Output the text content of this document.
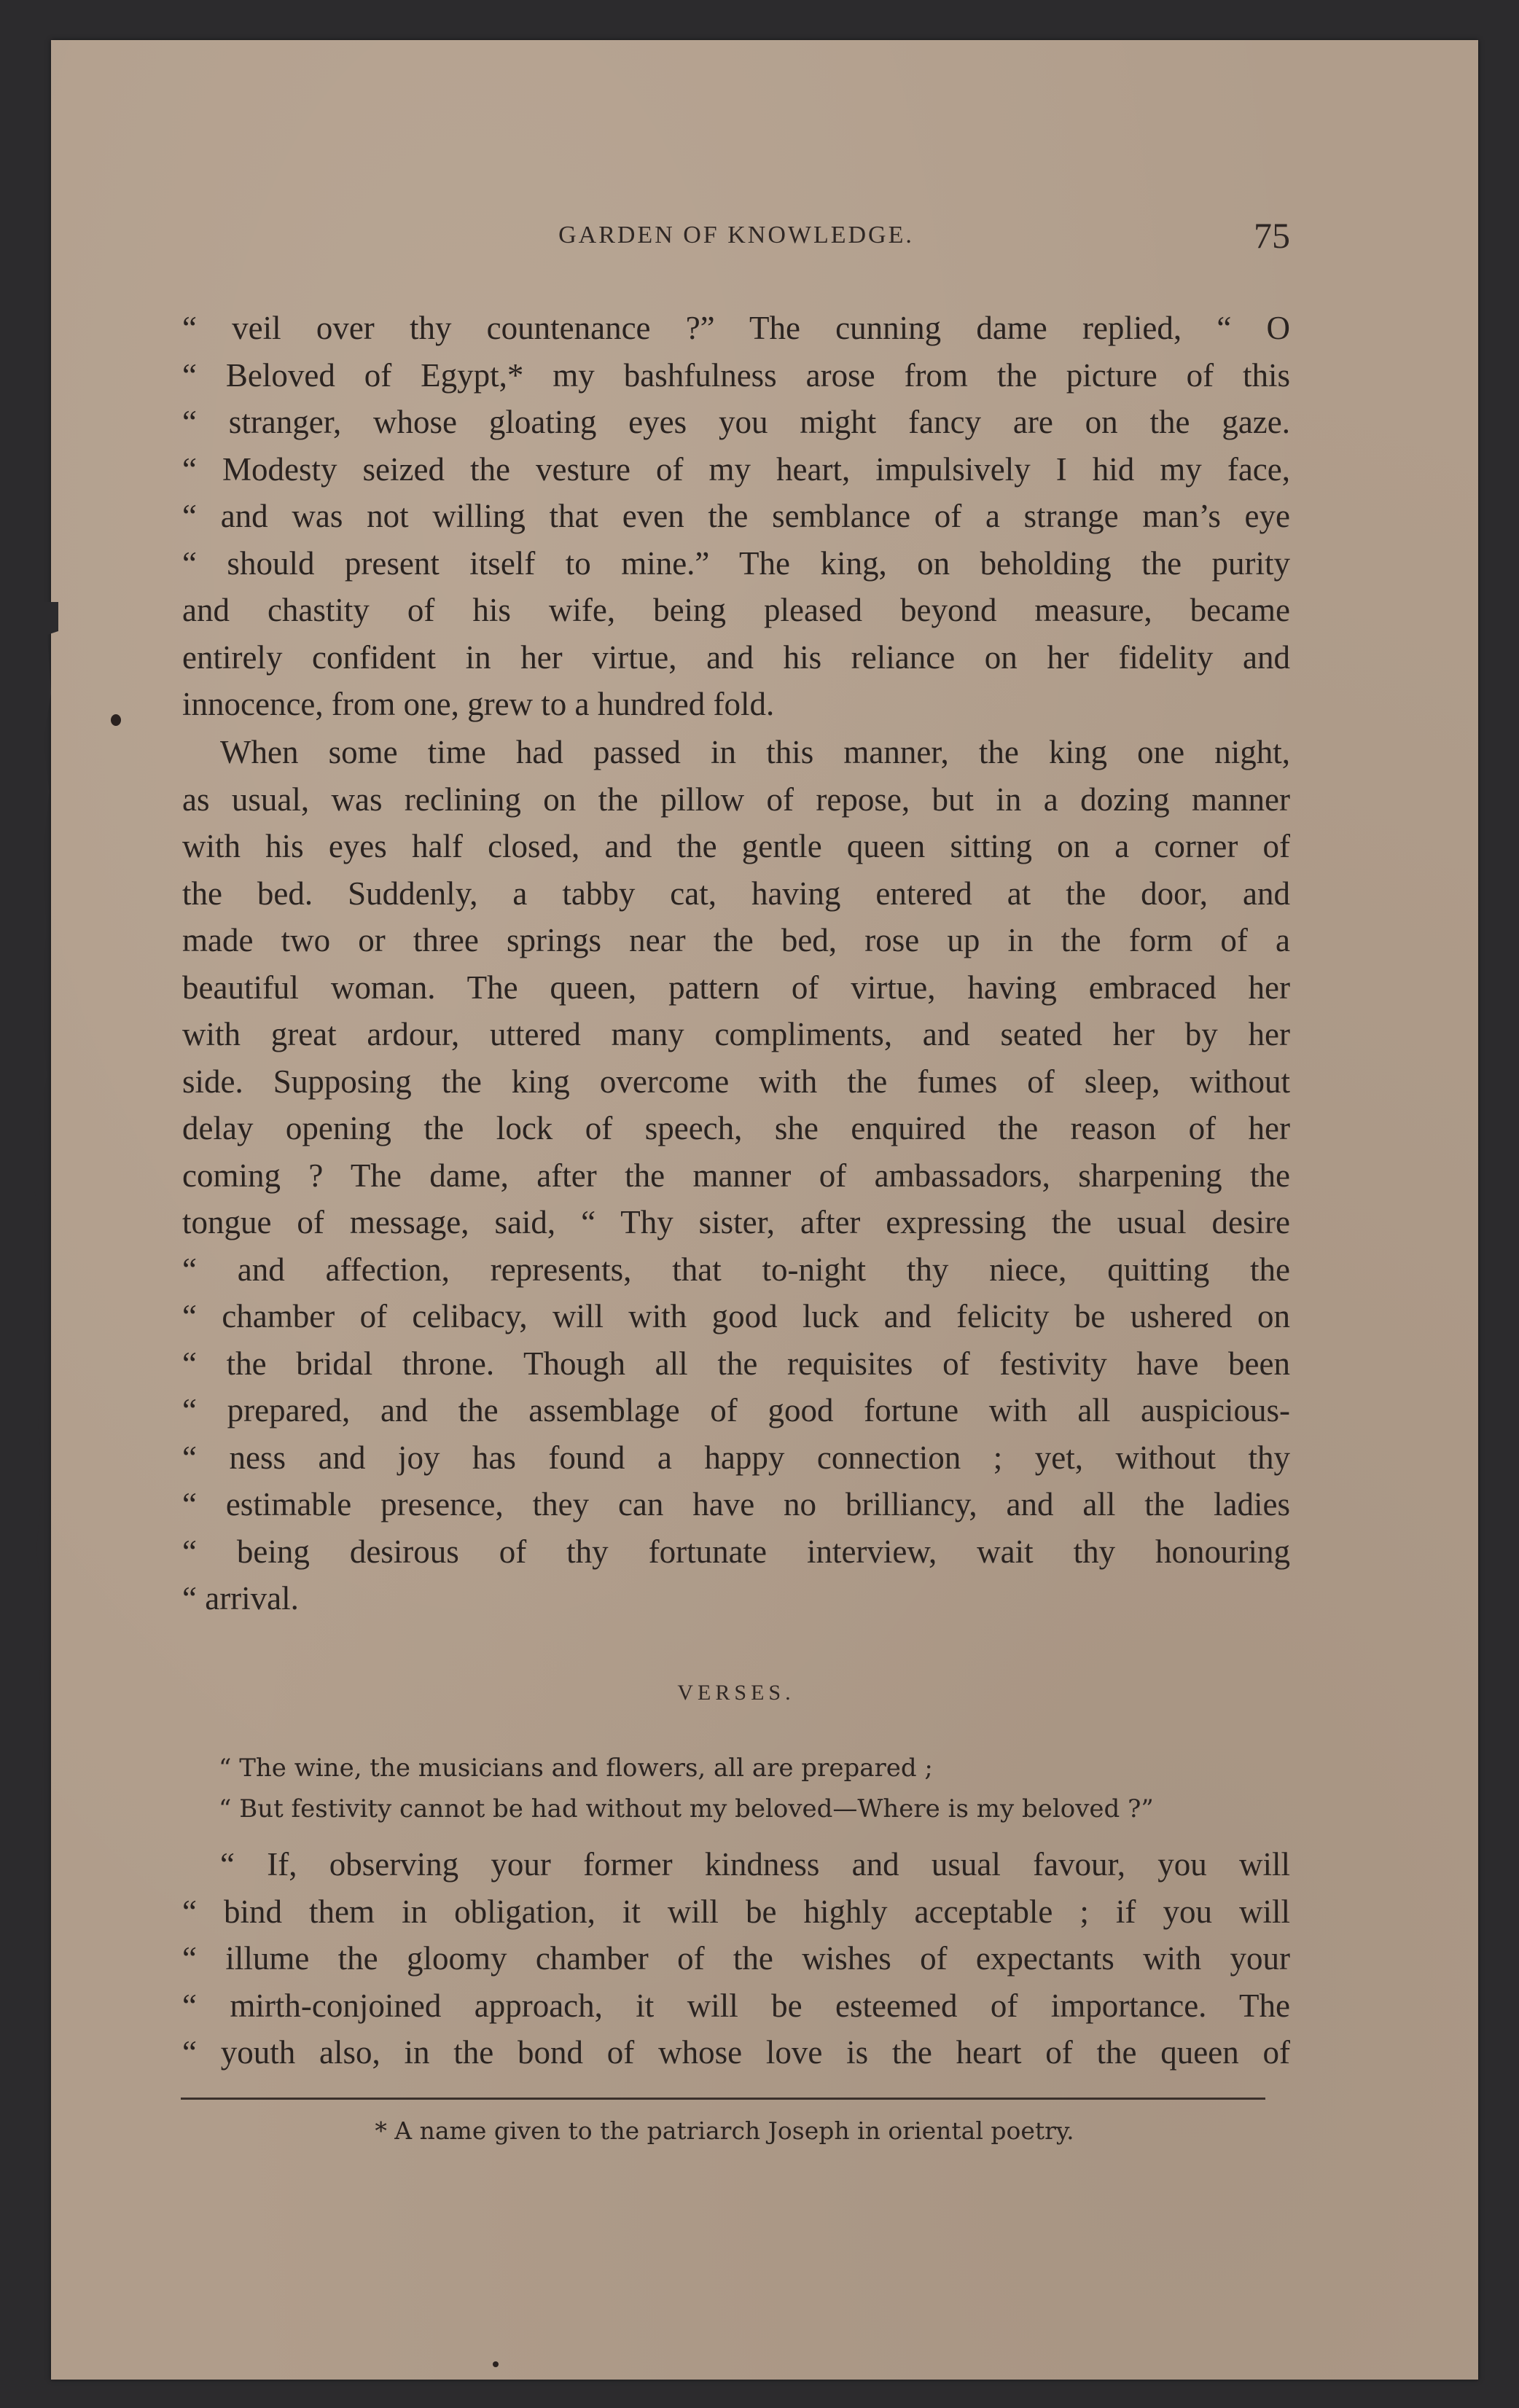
GARDEN OF KNOWLEDGE.	75
“ veil over thy countenance ?” The cunning dame replied, “ O
“ Beloved of Egypt,* my bashfulness arose from the picture of this
“ stranger, whose gloating eyes you might fancy are on the gaze.
“ Modesty seized the vesture of my heart, impulsively I hid my face,
“ and was not willing that even the semblance of a strange man’s eye
“ should present itself to mine.” The king, on beholding the purity
and chastity of his wife, being pleased beyond measure, became
entirely confident in her virtue, and his reliance on her fidelity and
innocence, from one, grew to a hundred fold.
When some time had passed in this manner, the king one night,
as usual, was reclining on the pillow of repose, but in a dozing manner
with his eyes half closed, and the gentle queen sitting on a corner of
the bed. Suddenly, a tabby cat, having entered at the door, and
made two or three springs near the bed, rose up in the form of a
beautiful woman. The queen, pattern of virtue, having embraced her
with great ardour, uttered many compliments, and seated her by her
side. Supposing the king overcome with the fumes of sleep, without
delay opening the lock of speech, she enquired the reason of her
coming ? The dame, after the manner of ambassadors, sharpening the
tongue of message, said, “ Thy sister, after expressing the usual desire
“ and affection, represents, that to-night thy niece, quitting the
“ chamber of celibacy, will with good luck and felicity be ushered on
“ the bridal throne. Though all the requisites of festivity have been
“ prepared, and the assemblage of good fortune with all auspicious-
“ ness and joy has found a happy connection ; yet, without thy
“ estimable presence, they can have no brilliancy, and all the ladies
“ being desirous of thy fortunate interview, wait thy honouring
“ arrival.
VERSES.
“ The wine, the musicians and flowers, all are prepared ;
“ But festivity cannot be had without my beloved—Where is my beloved ?”
“ If, observing your former kindness and usual favour, you will
“ bind them in obligation, it will be highly acceptable ; if you will
“ illume the gloomy chamber of the wishes of expectants with your
“ mirth-conjoined approach, it will be esteemed of importance. The
“ youth also, in the bond of whose love is the heart of the queen of
* A name given to the patriarch Joseph in oriental poetry.
